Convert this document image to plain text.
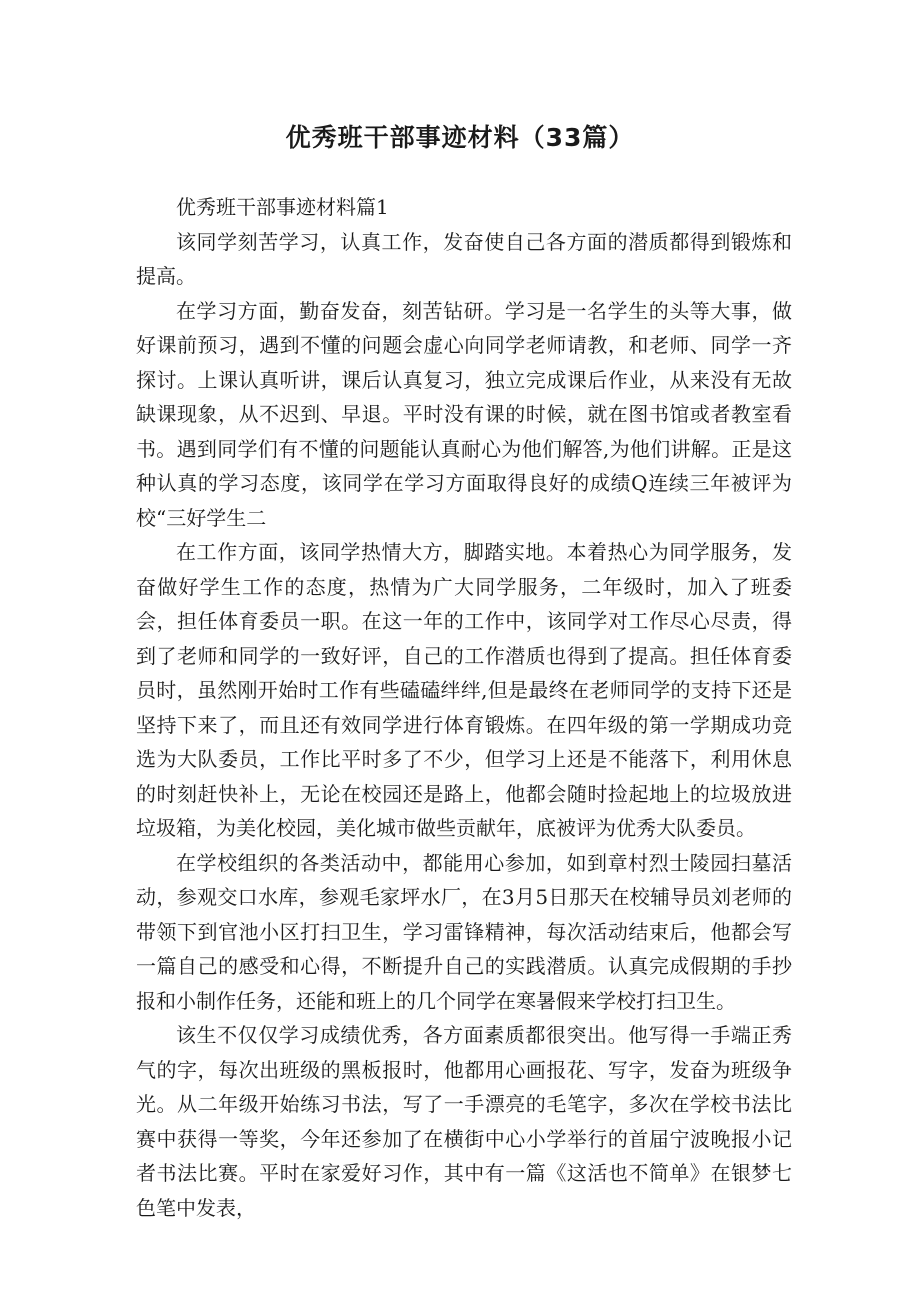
优秀班干部事迹材料（33篇）

优秀班干部事迹材料篇1

该同学刻苦学习，认真工作，发奋使自己各方面的潜质都得到锻炼和提高。

在学习方面，勤奋发奋，刻苦钻研。学习是一名学生的头等大事，做好课前预习，遇到不懂的问题会虚心向同学老师请教，和老师、同学一齐探讨。上课认真听讲，课后认真复习，独立完成课后作业，从来没有无故缺课现象，从不迟到、早退。平时没有课的时候，就在图书馆或者教室看书。遇到同学们有不懂的问题能认真耐心为他们解答,为他们讲解。正是这种认真的学习态度，该同学在学习方面取得良好的成绩Q连续三年被评为校“三好学生二

在工作方面，该同学热情大方，脚踏实地。本着热心为同学服务，发奋做好学生工作的态度，热情为广大同学服务，二年级时，加入了班委会，担任体育委员一职。在这一年的工作中，该同学对工作尽心尽责，得到了老师和同学的一致好评，自己的工作潜质也得到了提高。担任体育委员时，虽然刚开始时工作有些磕磕绊绊,但是最终在老师同学的支持下还是坚持下来了，而且还有效同学进行体育锻炼。在四年级的第一学期成功竞选为大队委员，工作比平时多了不少，但学习上还是不能落下，利用休息的时刻赶快补上，无论在校园还是路上，他都会随时捡起地上的垃圾放进垃圾箱，为美化校园，美化城市做些贡献年，底被评为优秀大队委员。

在学校组织的各类活动中，都能用心参加，如到章村烈士陵园扫墓活动，参观交口水库，参观毛家坪水厂，在3月5日那天在校辅导员刘老师的带领下到官池小区打扫卫生，学习雷锋精神，每次活动结束后，他都会写一篇自己的感受和心得，不断提升自己的实践潜质。认真完成假期的手抄报和小制作任务，还能和班上的几个同学在寒暑假来学校打扫卫生。

该生不仅仅学习成绩优秀，各方面素质都很突出。他写得一手端正秀气的字，每次出班级的黑板报时，他都用心画报花、写字，发奋为班级争光。从二年级开始练习书法，写了一手漂亮的毛笔字，多次在学校书法比赛中获得一等奖，今年还参加了在横街中心小学举行的首届宁波晚报小记者书法比赛。平时在家爱好习作，其中有一篇《这活也不简单》在银梦七色笔中发表，
